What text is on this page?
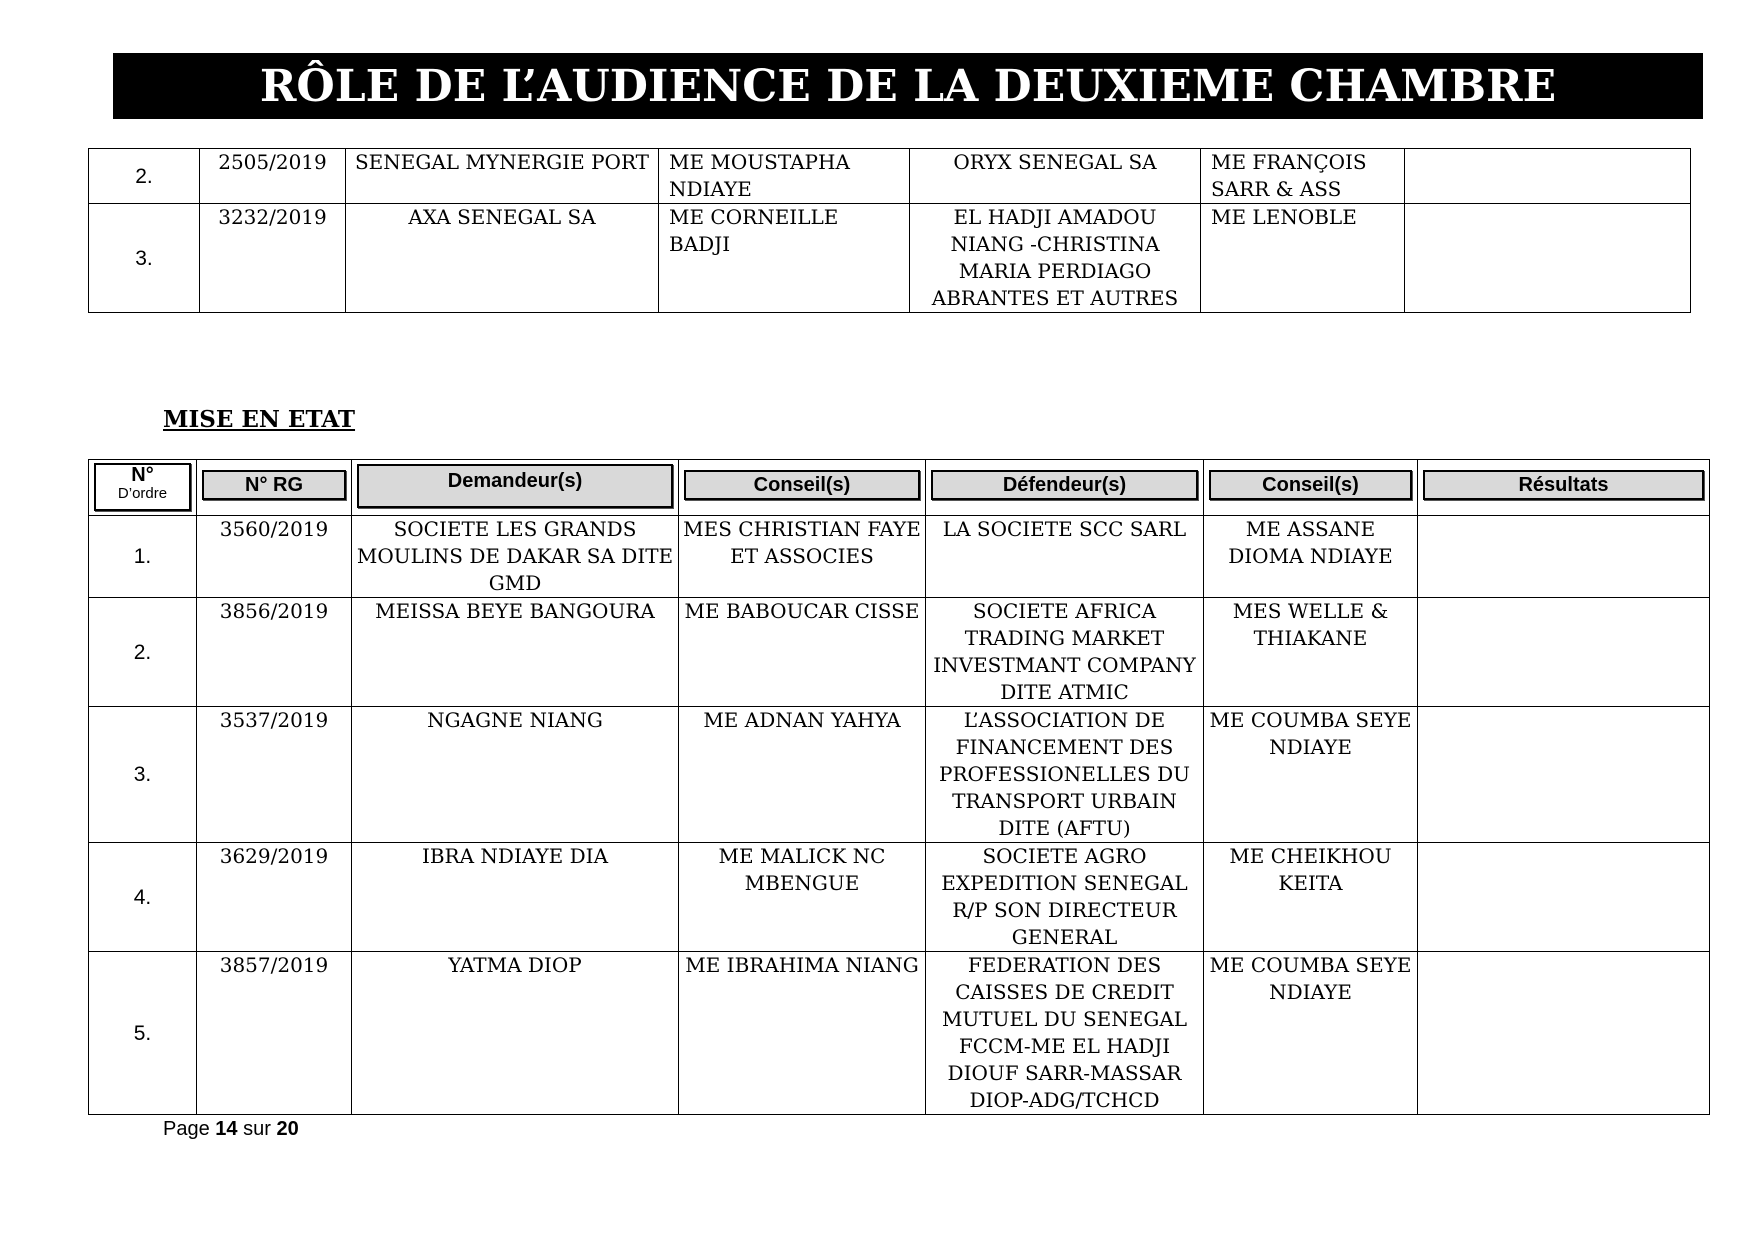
RÔLE DE L’AUDIENCE DE LA DEUXIEME CHAMBRE
2.	2505/2019	SENEGAL MYNERGIE PORT	ME MOUSTAPHA NDIAYE	ORYX SENEGAL SA	ME FRANÇOIS SARR & ASS	
3.	3232/2019	AXA SENEGAL SA	ME CORNEILLE BADJI	EL HADJI AMADOU NIANG -CHRISTINA MARIA PERDIAGO ABRANTES ET AUTRES	ME LENOBLE	
MISE EN ETAT
N°
D’ordre	N° RG	Demandeur(s)	Conseil(s)	Défendeur(s)	Conseil(s)	Résultats

1.	3560/2019	SOCIETE LES GRANDS MOULINS DE DAKAR SA DITE GMD	MES CHRISTIAN FAYE ET ASSOCIES	LA SOCIETE SCC SARL	ME ASSANE DIOMA NDIAYE	
2.	3856/2019	MEISSA BEYE BANGOURA	ME BABOUCAR CISSE	SOCIETE AFRICA TRADING MARKET INVESTMANT COMPANY DITE ATMIC	MES WELLE & THIAKANE	
3.	3537/2019	NGAGNE NIANG	ME ADNAN YAHYA	L’ASSOCIATION DE FINANCEMENT DES PROFESSIONELLES DU TRANSPORT URBAIN DITE (AFTU)	ME COUMBA SEYE NDIAYE	
4.	3629/2019	IBRA NDIAYE DIA	ME MALICK NC MBENGUE	SOCIETE AGRO EXPEDITION SENEGAL R/P SON DIRECTEUR GENERAL	ME CHEIKHOU KEITA	
5.	3857/2019	YATMA DIOP	ME IBRAHIMA NIANG	FEDERATION DES CAISSES DE CREDIT MUTUEL DU SENEGAL FCCM-ME EL HADJI DIOUF SARR-MASSAR DIOP-ADG/TCHCD	ME COUMBA SEYE NDIAYE	
Page 14 sur 20
